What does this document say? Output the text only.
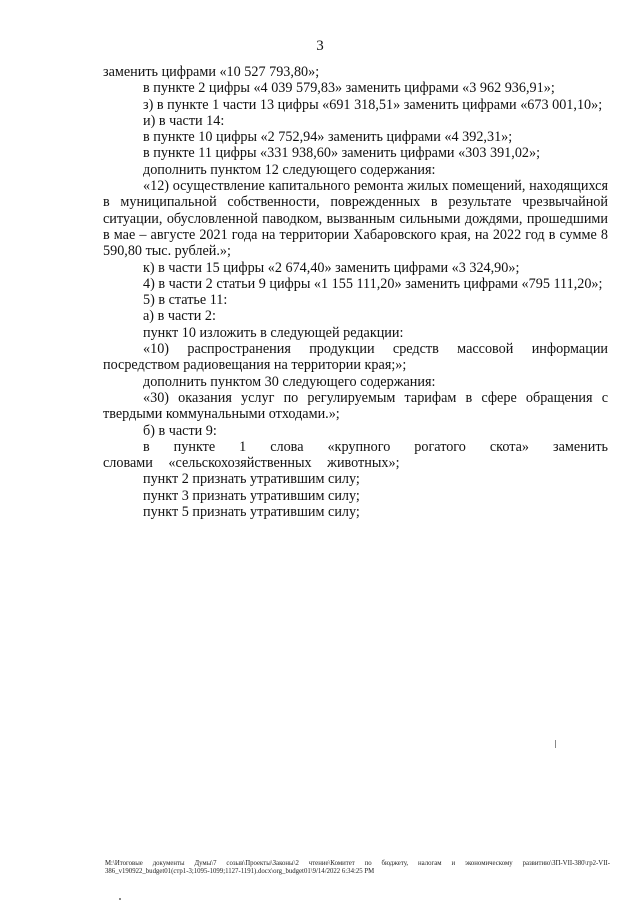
3
заменить цифрами «10 527 793,80»;
в пункте 2 цифры «4 039 579,83» заменить цифрами «3 962 936,91»;
з) в пункте 1 части 13 цифры «691 318,51» заменить цифрами «673 001,10»;
и) в части 14:
в пункте 10 цифры «2 752,94» заменить цифрами «4 392,31»;
в пункте 11 цифры «331 938,60» заменить цифрами «303 391,02»;
дополнить пунктом 12 следующего содержания:
«12) осуществление капитального ремонта жилых помещений, находящихся в муниципальной собственности, поврежденных в результате чрезвычайной ситуации, обусловленной паводком, вызванным сильными дождями, прошедшими в мае – августе 2021 года на территории Хабаровского края, на 2022 год в сумме 8 590,80 тыс. рублей.»;
к) в части 15 цифры «2 674,40» заменить цифрами «3 324,90»;
4) в части 2 статьи 9 цифры «1 155 111,20» заменить цифрами «795 111,20»;
5) в статье 11:
а) в части 2:
пункт 10 изложить в следующей редакции:
«10) распространения продукции средств массовой информации посредством радиовещания на территории края;»;
дополнить пунктом 30 следующего содержания:
«30) оказания услуг по регулируемым тарифам в сфере обращения с твердыми коммунальными отходами.»;
б) в части 9:
в пункте 1 слова «крупного рогатого скота» заменить словами «сельскохозяйственных животных»;
пункт 2 признать утратившим силу;
пункт 3 признать утратившим силу;
пункт 5 признать утратившим силу;
M:\Итоговые документы Думы\7 созыв\Проекты\Законы\2 чтение\Комитет по бюджету, налогам и экономическому развитию\ЗП-VII-380\гр2-VII-386_v190922_budget01(стр1-3;1095-1099;1127-1191).docx\org_budget01\9/14/2022 6:34:25 PM
